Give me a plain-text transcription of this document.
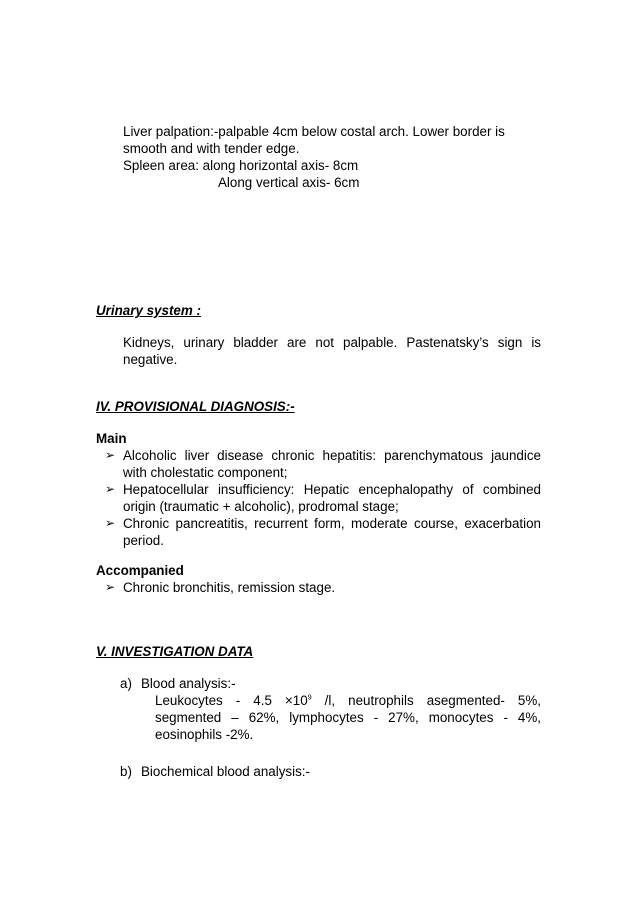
Liver palpation:-palpable 4cm below costal arch. Lower border is
smooth and with tender edge.
Spleen area: along horizontal axis- 8cm
Along vertical axis- 6cm
Urinary system :
Kidneys, urinary bladder are not palpable. Pastenatsky’s sign is negative.
IV. PROVISIONAL DIAGNOSIS:-
Main
➢ Alcoholic liver disease chronic hepatitis: parenchymatous jaundice with cholestatic component;
➢ Hepatocellular insufficiency: Hepatic encephalopathy of combined origin (traumatic + alcoholic), prodromal stage;
➢ Chronic pancreatitis, recurrent form, moderate course, exacerbation period.
Accompanied
➢ Chronic bronchitis, remission stage.
V. INVESTIGATION DATA
a) Blood analysis:-
Leukocytes - $4.5 \times 10^9$ /l, neutrophils asegmented- 5%, segmented – 62%, lymphocytes - 27%, monocytes - 4%, eosinophils -2%.
b) Biochemical blood analysis:-
